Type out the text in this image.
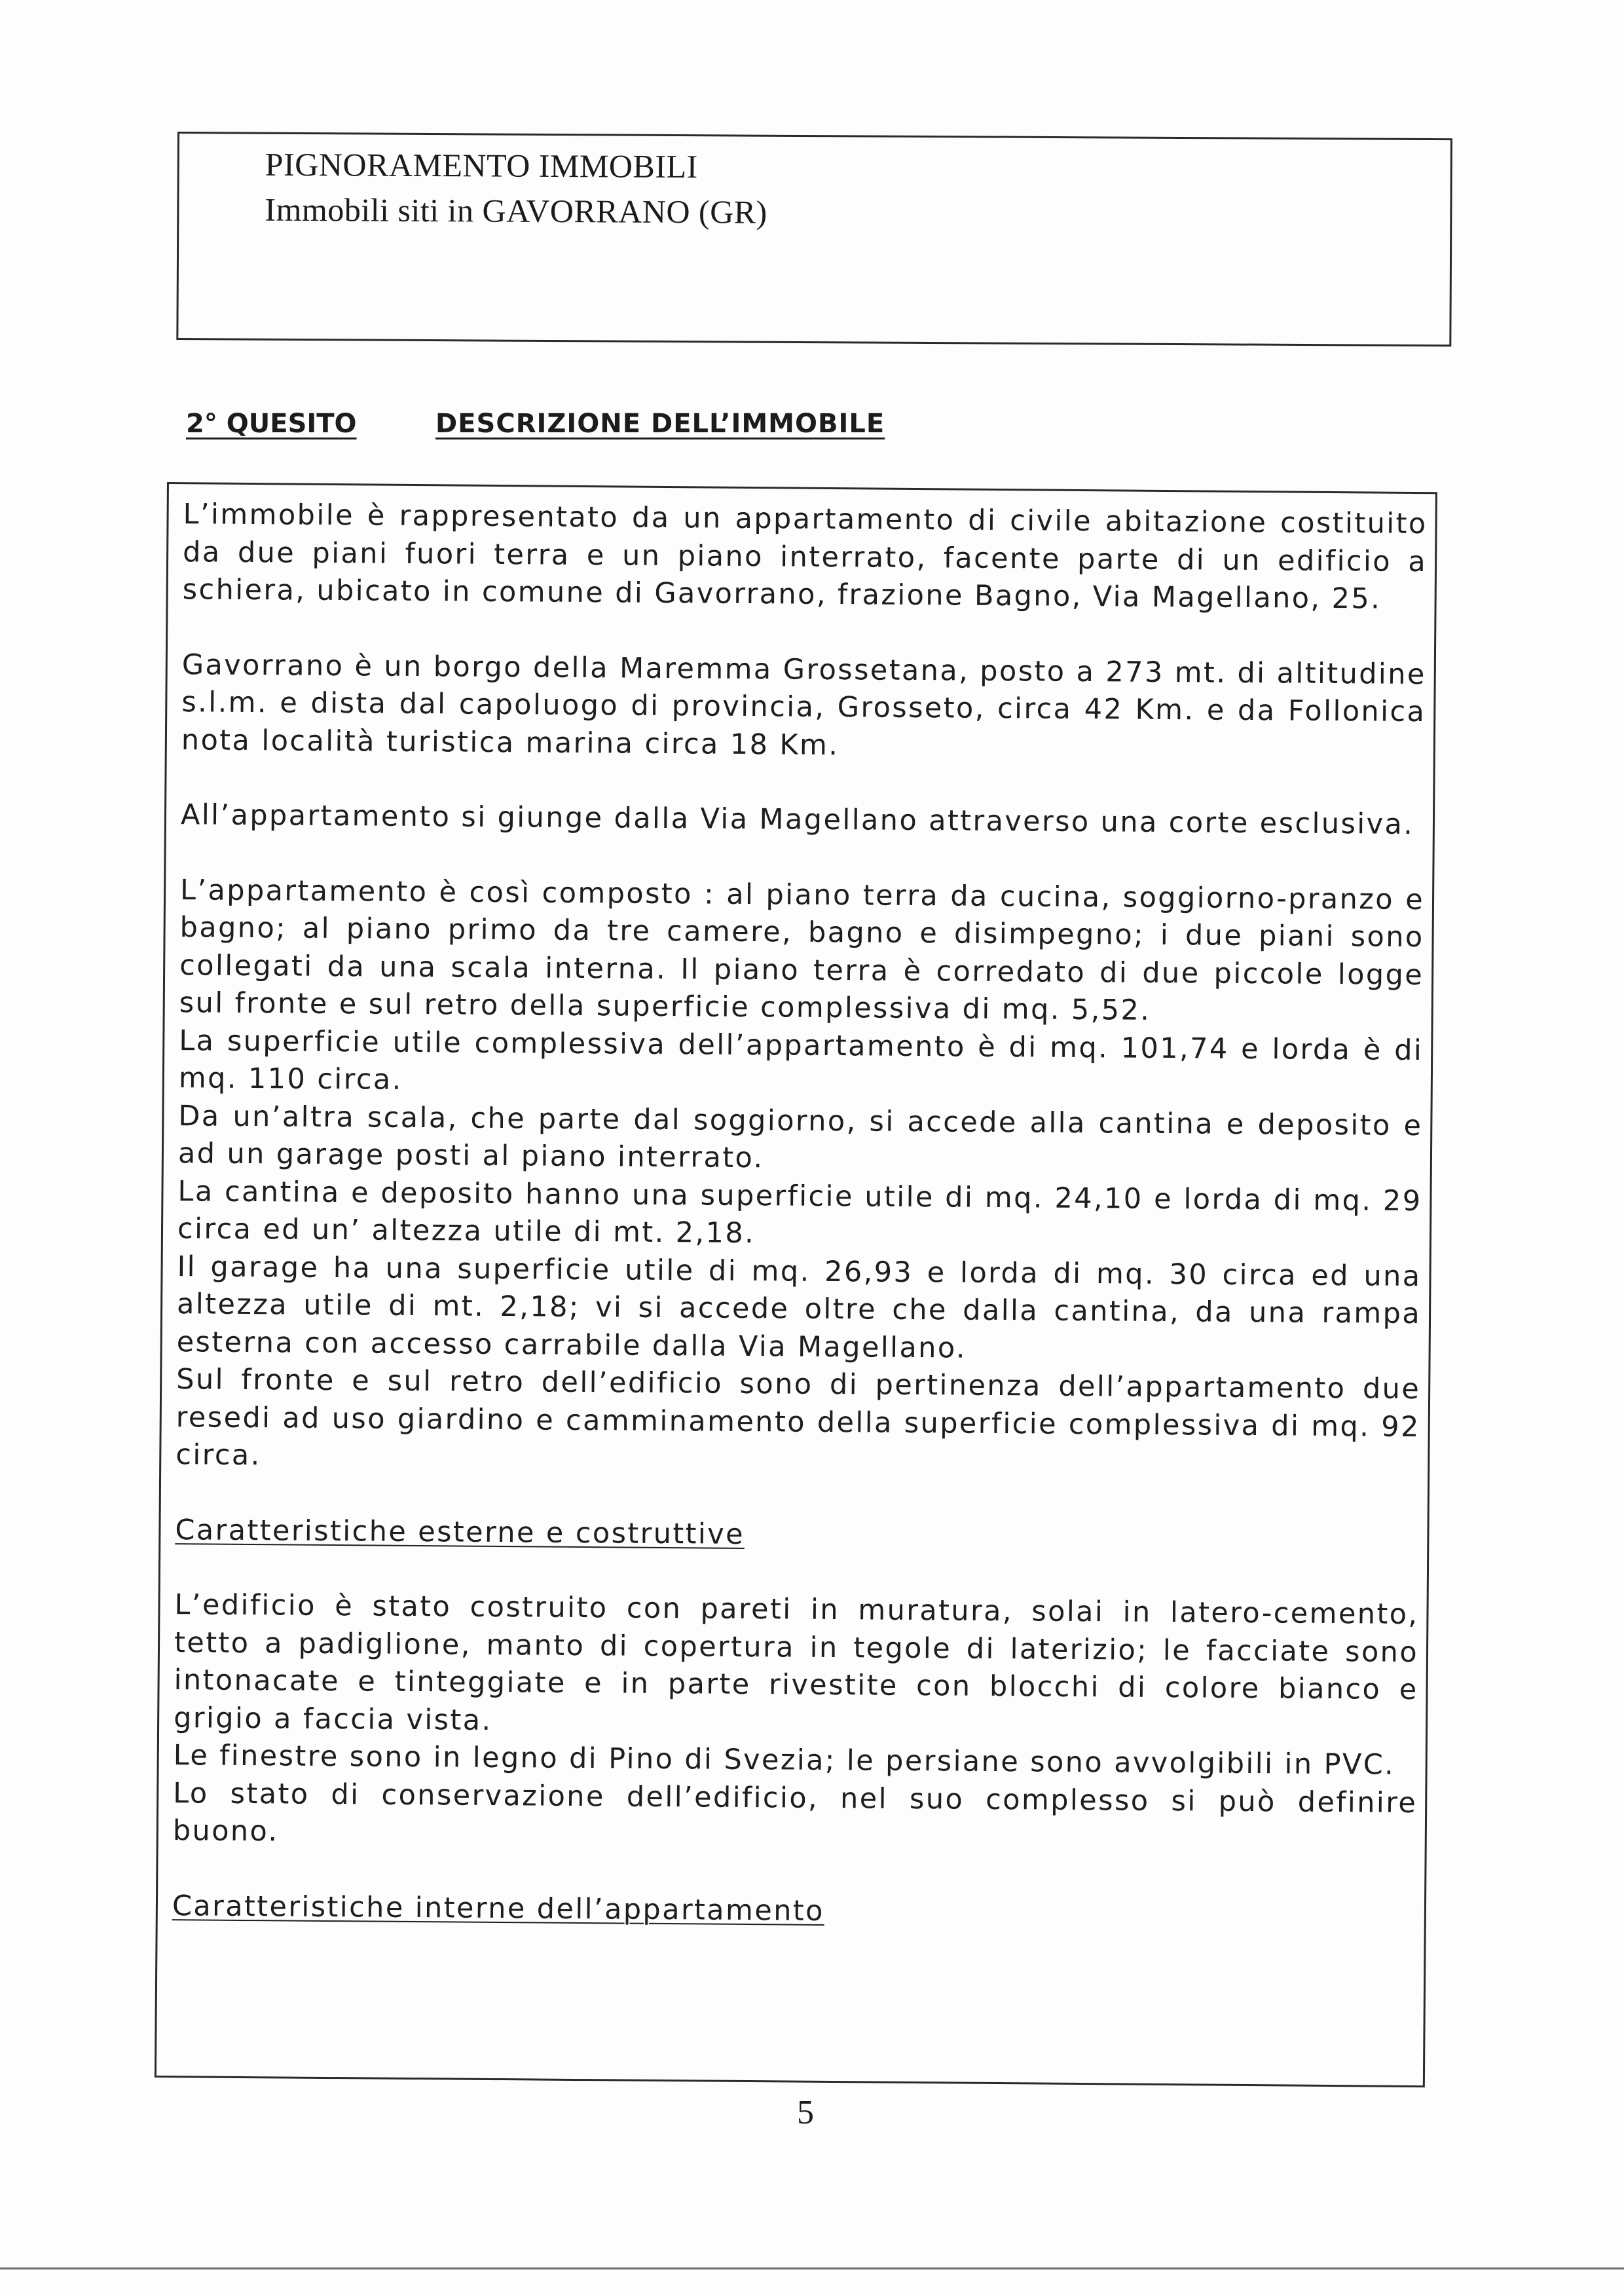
PIGNORAMENTO IMMOBILI
Immobili siti in GAVORRANO (GR)
2° QUESITO	DESCRIZIONE DELL’IMMOBILE

L’immobile è rappresentato da un appartamento di civile abitazione costituito da due piani fuori terra e un piano interrato, facente parte di un edificio a schiera, ubicato in comune di Gavorrano, frazione Bagno, Via Magellano, 25.

Gavorrano è un borgo della Maremma Grossetana, posto a 273 mt. di altitudine s.l.m. e dista dal capoluogo di provincia, Grosseto, circa 42 Km. e da Follonica nota località turistica marina circa 18 Km.

All’appartamento si giunge dalla Via Magellano attraverso una corte esclusiva.

L’appartamento è così composto : al piano terra da cucina, soggiorno-pranzo e bagno; al piano primo da tre camere, bagno e disimpegno; i due piani sono collegati da una scala interna. Il piano terra è corredato di due piccole logge sul fronte e sul retro della superficie complessiva di mq. 5,52.

La superficie utile complessiva dell’appartamento è di mq. 101,74 e lorda è di mq. 110 circa.

Da un’altra scala, che parte dal soggiorno, si accede alla cantina e deposito e ad un garage posti al piano interrato.

La cantina e deposito hanno una superficie utile di mq. 24,10 e lorda di mq. 29 circa ed un’ altezza utile di mt. 2,18.

Il garage ha una superficie utile di mq. 26,93 e lorda di mq. 30 circa ed una altezza utile di mt. 2,18; vi si accede oltre che dalla cantina, da una rampa esterna con accesso carrabile dalla Via Magellano.

Sul fronte e sul retro dell’edificio sono di pertinenza dell’appartamento due resedi ad uso giardino e camminamento della superficie complessiva di mq. 92 circa.

Caratteristiche esterne e costruttive

L’edificio è stato costruito con pareti in muratura, solai in latero-cemento, tetto a padiglione, manto di copertura in tegole di laterizio; le facciate sono intonacate e tinteggiate e in parte rivestite con blocchi di colore bianco e grigio a faccia vista.

Le finestre sono in legno di Pino di Svezia; le persiane sono avvolgibili in PVC.

Lo stato di conservazione dell’edificio, nel suo complesso si può definire buono.

Caratteristiche interne dell’appartamento

5
